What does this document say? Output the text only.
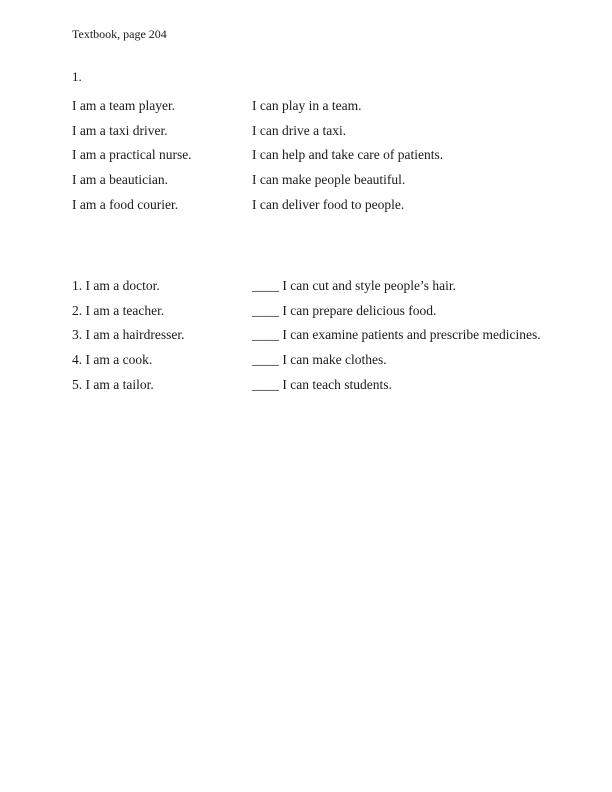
Textbook, page 204
1.
I am a team player.	I can play in a team.
I am a taxi driver.	I can drive a taxi.
I am a practical nurse.	I can help and take care of patients.
I am a beautician.	I can make people beautiful.
I am a food courier.	I can deliver food to people.
1. I am a doctor.	____ I can cut and style people’s hair.
2. I am a teacher.	____ I can prepare delicious food.
3. I am a hairdresser.	____ I can examine patients and prescribe medicines.
4. I am a cook.	____ I can make clothes.
5. I am a tailor.	____ I can teach students.
